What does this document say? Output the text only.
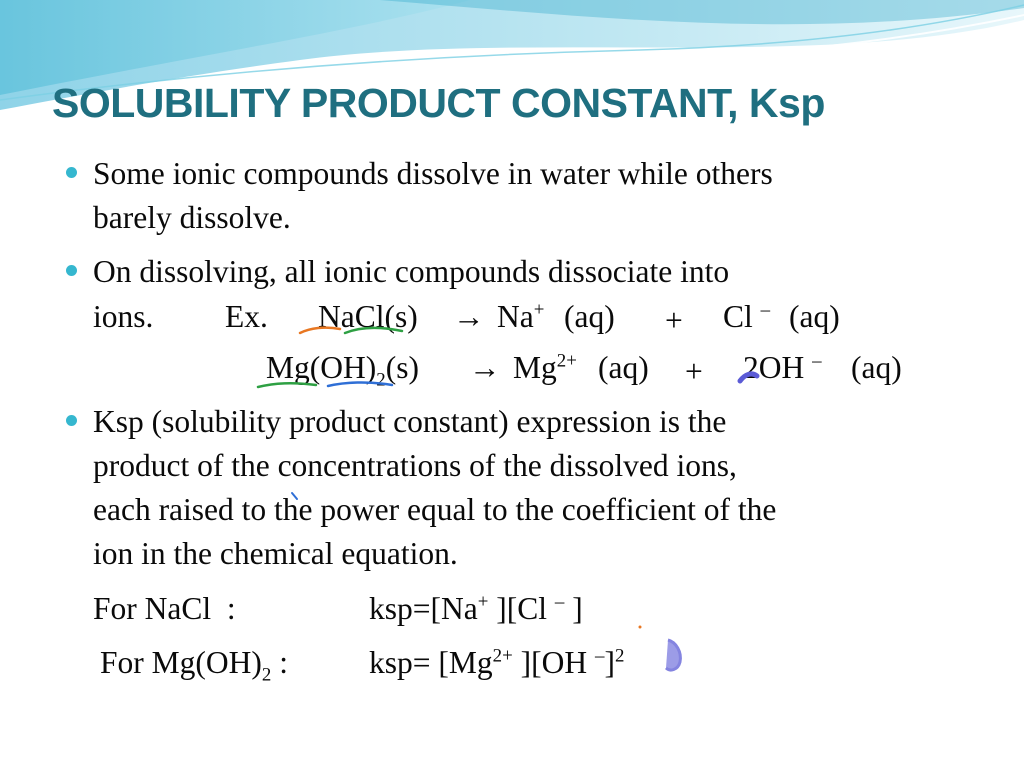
SOLUBILITY PRODUCT CONSTANT, Ksp
Some ionic compounds dissolve in water while others
barely dissolve.
On dissolving, all ionic compounds dissociate into
ions. Ex. NaCl(s) → Na+ (aq) + Cl – (aq)
$Mg(OH)_2(s) \to Mg^{2+}$ (aq) + 2OH – (aq)
Ksp (solubility product constant) expression is the
product of the concentrations of the dissolved ions,
each raised to the power equal to the coefficient of the
ion in the chemical equation.
For NaCl  :	ksp=[Na+ ][Cl – ]
For $Mg(OH)_2$ :	$ksp= [Mg^{2+}$ ][OH –]$^2$
